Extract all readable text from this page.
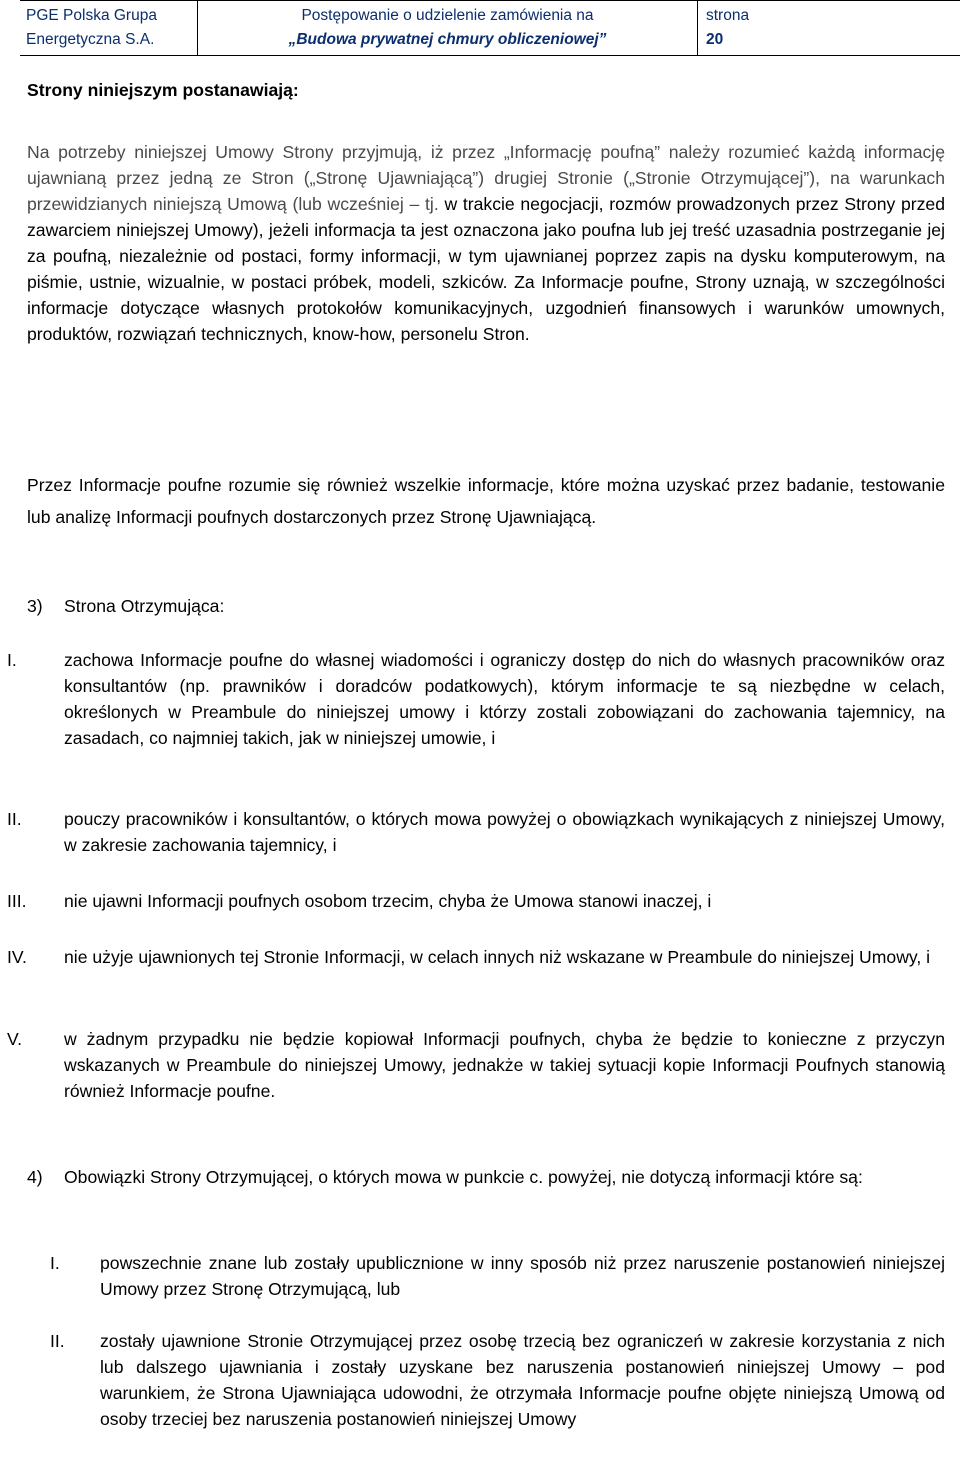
PGE Polska Grupa
Energetyczna S.A.
Postępowanie o udzielenie zamówienia na
„Budowa prywatnej chmury obliczeniowej”
strona
20
Strony niniejszym postanawiają:
Na potrzeby niniejszej Umowy Strony przyjmują, iż przez „Informację poufną” należy rozumieć każdą informację ujawnianą przez jedną ze Stron („Stronę Ujawniającą”) drugiej Stronie („Stronie Otrzymującej”), na warunkach przewidzianych niniejszą Umową (lub wcześniej – tj. w trakcie negocjacji, rozmów prowadzonych przez Strony przed zawarciem niniejszej Umowy), jeżeli informacja ta jest oznaczona jako poufna lub jej treść uzasadnia postrzeganie jej za poufną, niezależnie od postaci, formy informacji, w tym ujawnianej poprzez zapis na dysku komputerowym, na piśmie, ustnie, wizualnie, w postaci próbek, modeli, szkiców. Za Informacje poufne, Strony uznają, w szczególności informacje dotyczące własnych protokołów komunikacyjnych, uzgodnień finansowych i warunków umownych, produktów, rozwiązań technicznych, know-how, personelu Stron.
Przez Informacje poufne rozumie się również wszelkie informacje, które można uzyskać przez badanie, testowanie lub analizę Informacji poufnych dostarczonych przez Stronę Ujawniającą.
3) Strona Otrzymująca:
I.	zachowa Informacje poufne do własnej wiadomości i ograniczy dostęp do nich do własnych pracowników oraz konsultantów (np. prawników i doradców podatkowych), którym informacje te są niezbędne w celach, określonych w Preambule do niniejszej umowy i którzy zostali zobowiązani do zachowania tajemnicy, na zasadach, co najmniej takich, jak w niniejszej umowie, i
II.	pouczy pracowników i konsultantów, o których mowa powyżej o obowiązkach wynikających z niniejszej Umowy, w zakresie zachowania tajemnicy, i
III.	nie ujawni Informacji poufnych osobom trzecim, chyba że Umowa stanowi inaczej, i
IV.	nie użyje ujawnionych tej Stronie Informacji, w celach innych niż wskazane w Preambule do niniejszej Umowy, i
V.	w żadnym przypadku nie będzie kopiował Informacji poufnych, chyba że będzie to konieczne z przyczyn wskazanych w Preambule do niniejszej Umowy, jednakże w takiej sytuacji kopie Informacji Poufnych stanowią również Informacje poufne.
4) Obowiązki Strony Otrzymującej, o których mowa w punkcie c. powyżej, nie dotyczą informacji które są:
I.	powszechnie znane lub zostały upublicznione w inny sposób niż przez naruszenie postanowień niniejszej Umowy przez Stronę Otrzymującą, lub
II.	zostały ujawnione Stronie Otrzymującej przez osobę trzecią bez ograniczeń w zakresie korzystania z nich lub dalszego ujawniania i zostały uzyskane bez naruszenia postanowień niniejszej Umowy – pod warunkiem, że Strona Ujawniająca udowodni, że otrzymała Informacje poufne objęte niniejszą Umową od osoby trzeciej bez naruszenia postanowień niniejszej Umowy
